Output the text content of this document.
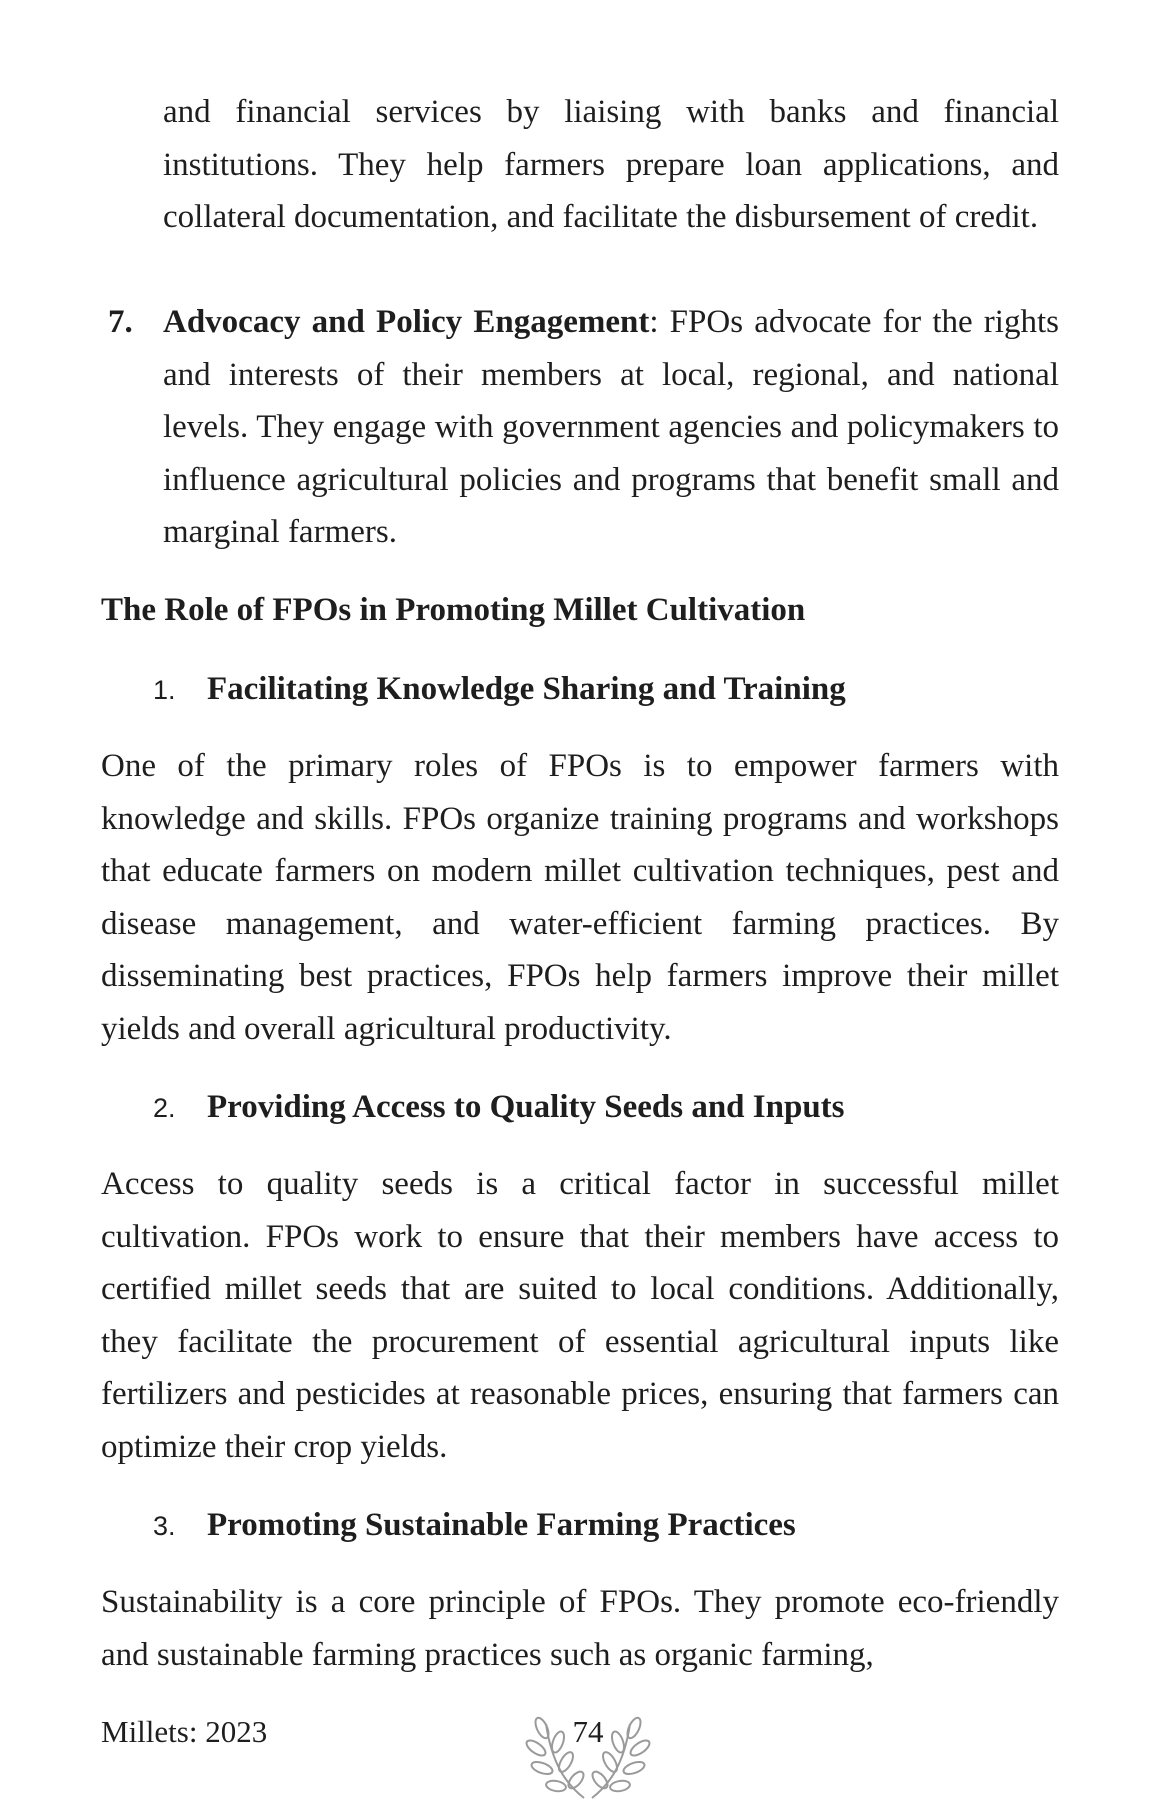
and financial services by liaising with banks and financial institutions. They help farmers prepare loan applications, and collateral documentation, and facilitate the disbursement of credit.
7. Advocacy and Policy Engagement: FPOs advocate for the rights and interests of their members at local, regional, and national levels. They engage with government agencies and policymakers to influence agricultural policies and programs that benefit small and marginal farmers.
The Role of FPOs in Promoting Millet Cultivation
1. Facilitating Knowledge Sharing and Training
One of the primary roles of FPOs is to empower farmers with knowledge and skills. FPOs organize training programs and workshops that educate farmers on modern millet cultivation techniques, pest and disease management, and water-efficient farming practices. By disseminating best practices, FPOs help farmers improve their millet yields and overall agricultural productivity.
2. Providing Access to Quality Seeds and Inputs
Access to quality seeds is a critical factor in successful millet cultivation. FPOs work to ensure that their members have access to certified millet seeds that are suited to local conditions. Additionally, they facilitate the procurement of essential agricultural inputs like fertilizers and pesticides at reasonable prices, ensuring that farmers can optimize their crop yields.
3. Promoting Sustainable Farming Practices
Sustainability is a core principle of FPOs. They promote eco-friendly and sustainable farming practices such as organic farming,
Millets: 2023	74
